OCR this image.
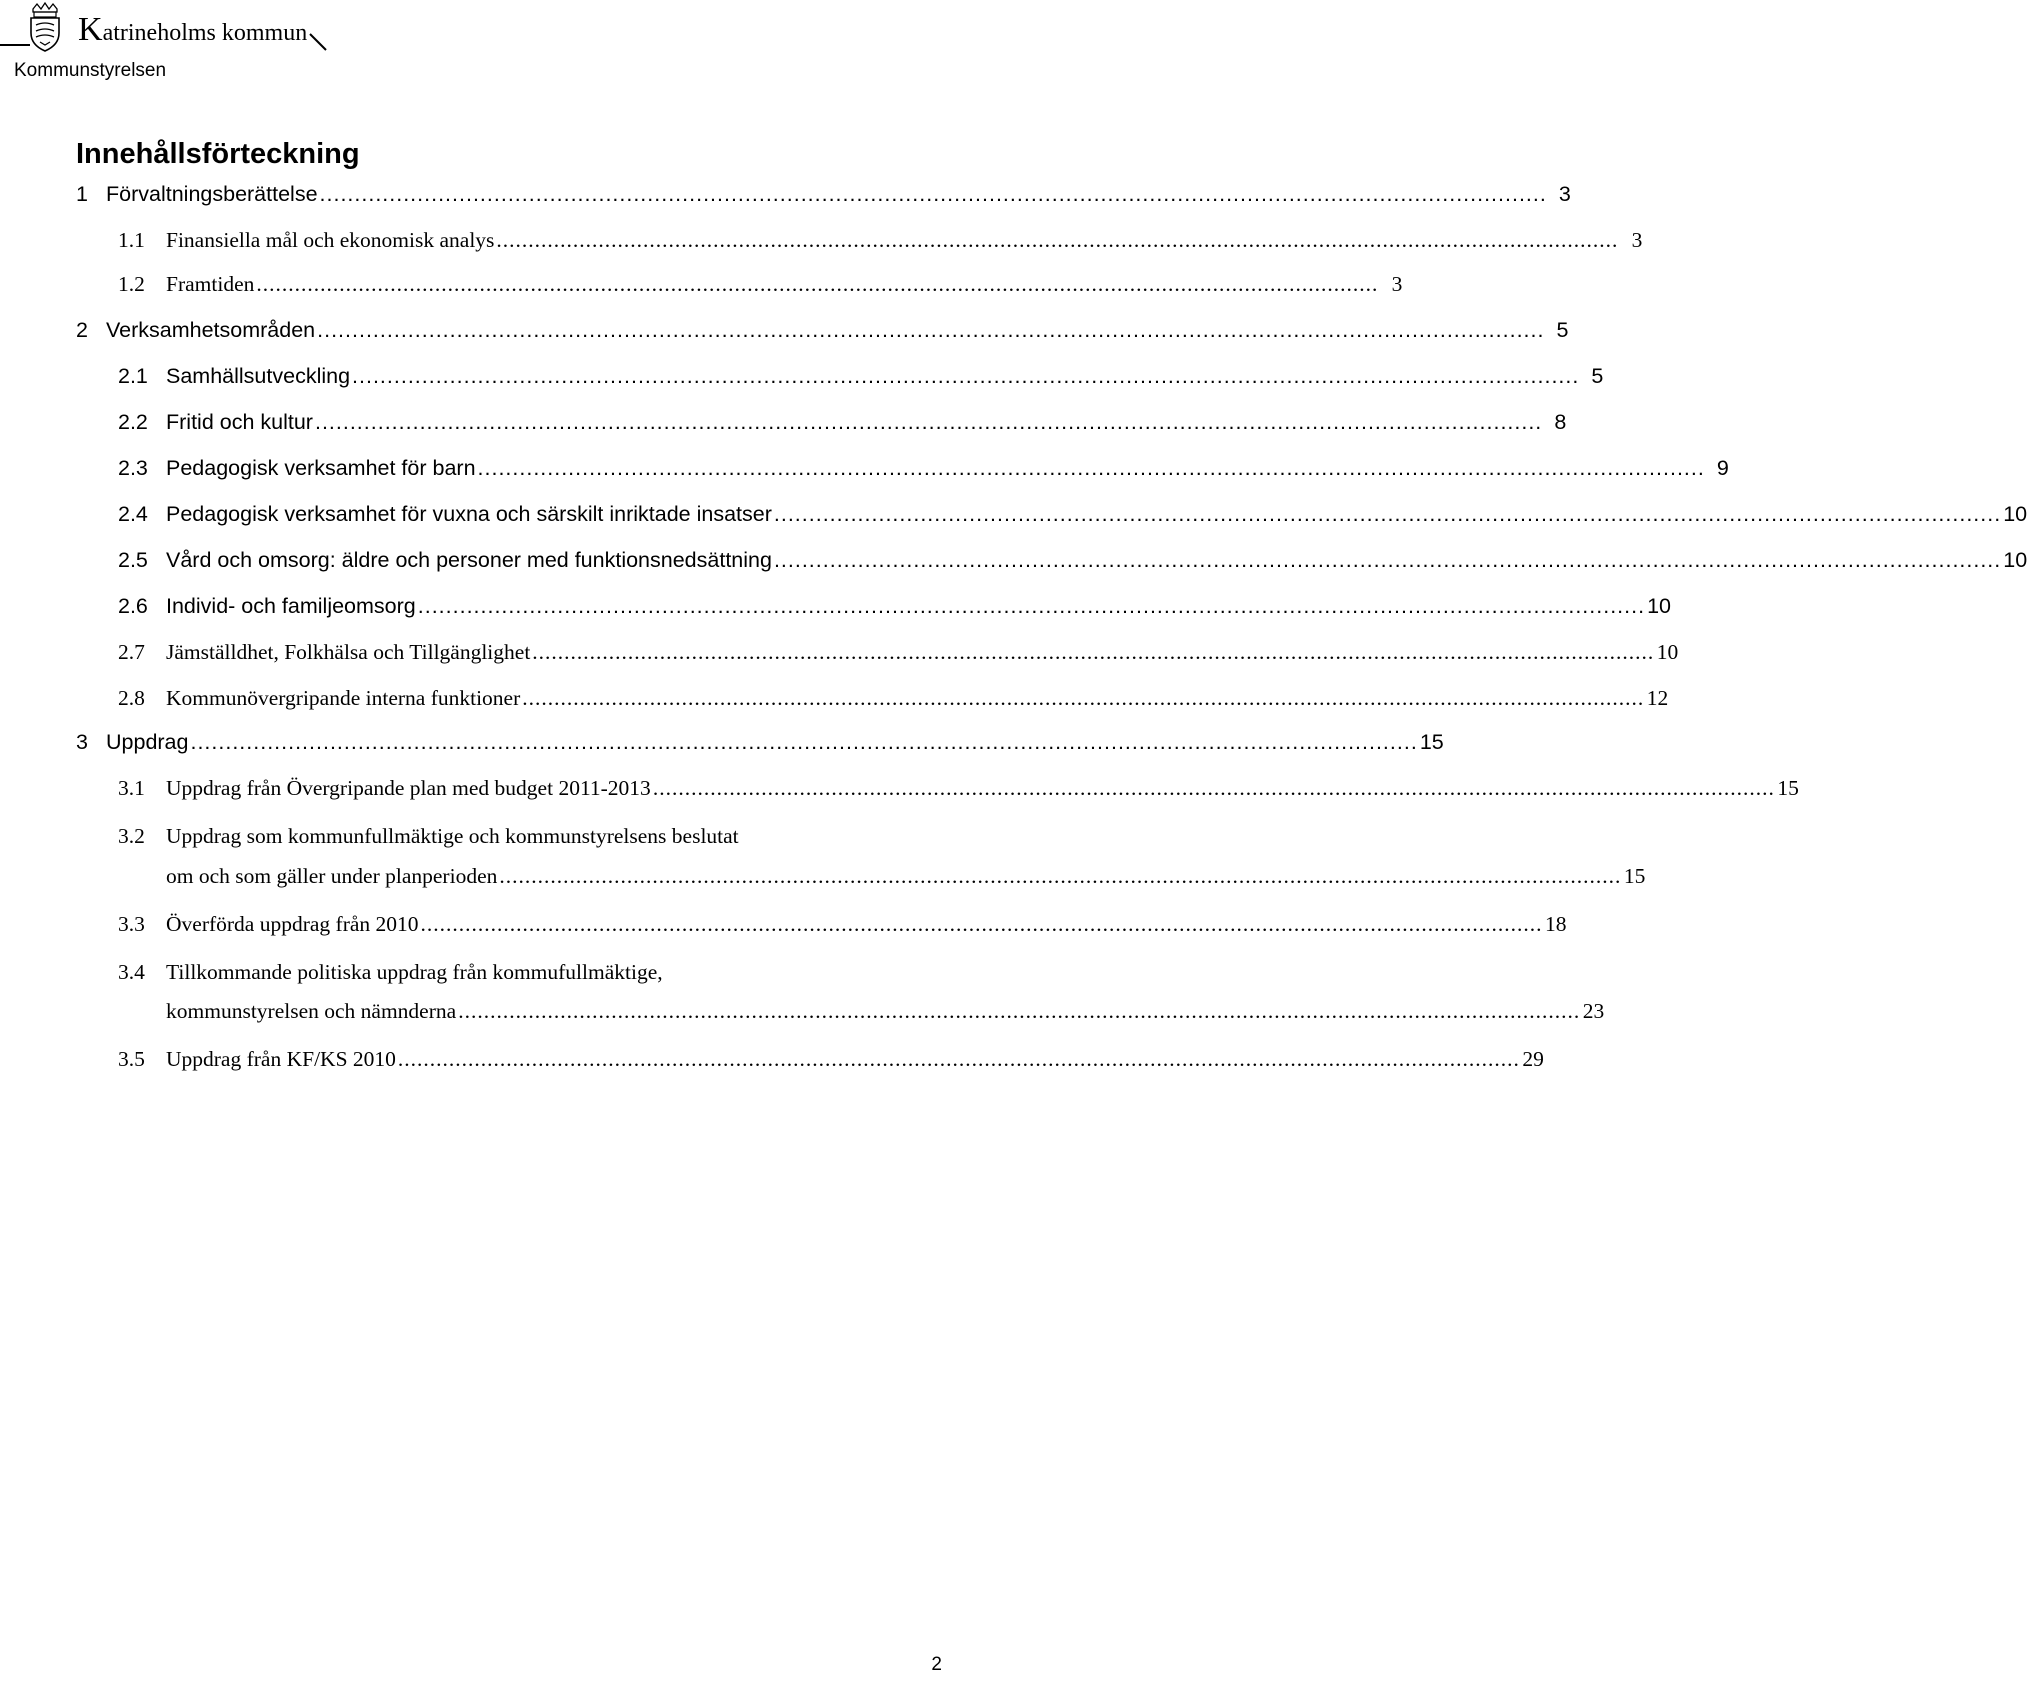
Katrineholms kommun
Kommunstyrelsen
Innehållsförteckning
1 Förvaltningsberättelse ................................................................................................................................................................................ 3
1.1 Finansiella mål och ekonomisk analys ................................................................................................................................................................................ 3
1.2 Framtiden ................................................................................................................................................................................ 3
2 Verksamhetsområden ................................................................................................................................................................................ 5
2.1 Samhällsutveckling ................................................................................................................................................................................ 5
2.2 Fritid och kultur ................................................................................................................................................................................ 8
2.3 Pedagogisk verksamhet för barn ................................................................................................................................................................................ 9
2.4 Pedagogisk verksamhet för vuxna och särskilt inriktade insatser ................................................................................................................................................................................ 10
2.5 Vård och omsorg: äldre och personer med funktionsnedsättning ................................................................................................................................................................................ 10
2.6 Individ- och familjeomsorg ................................................................................................................................................................................ 10
2.7 Jämställdhet, Folkhälsa och Tillgänglighet ................................................................................................................................................................................ 10
2.8 Kommunövergripande interna funktioner ................................................................................................................................................................................ 12
3 Uppdrag ................................................................................................................................................................................ 15
3.1 Uppdrag från Övergripande plan med budget 2011-2013 ................................................................................................................................................................................ 15
3.2 Uppdrag som kommunfullmäktige och kommunstyrelsens beslutat
om och som gäller under planperioden ................................................................................................................................................................................ 15
3.3 Överförda uppdrag från 2010 ................................................................................................................................................................................ 18
3.4 Tillkommande politiska uppdrag från kommufullmäktige,
kommunstyrelsen och nämnderna ................................................................................................................................................................................ 23
3.5 Uppdrag från KF/KS 2010 ................................................................................................................................................................................ 29
2
